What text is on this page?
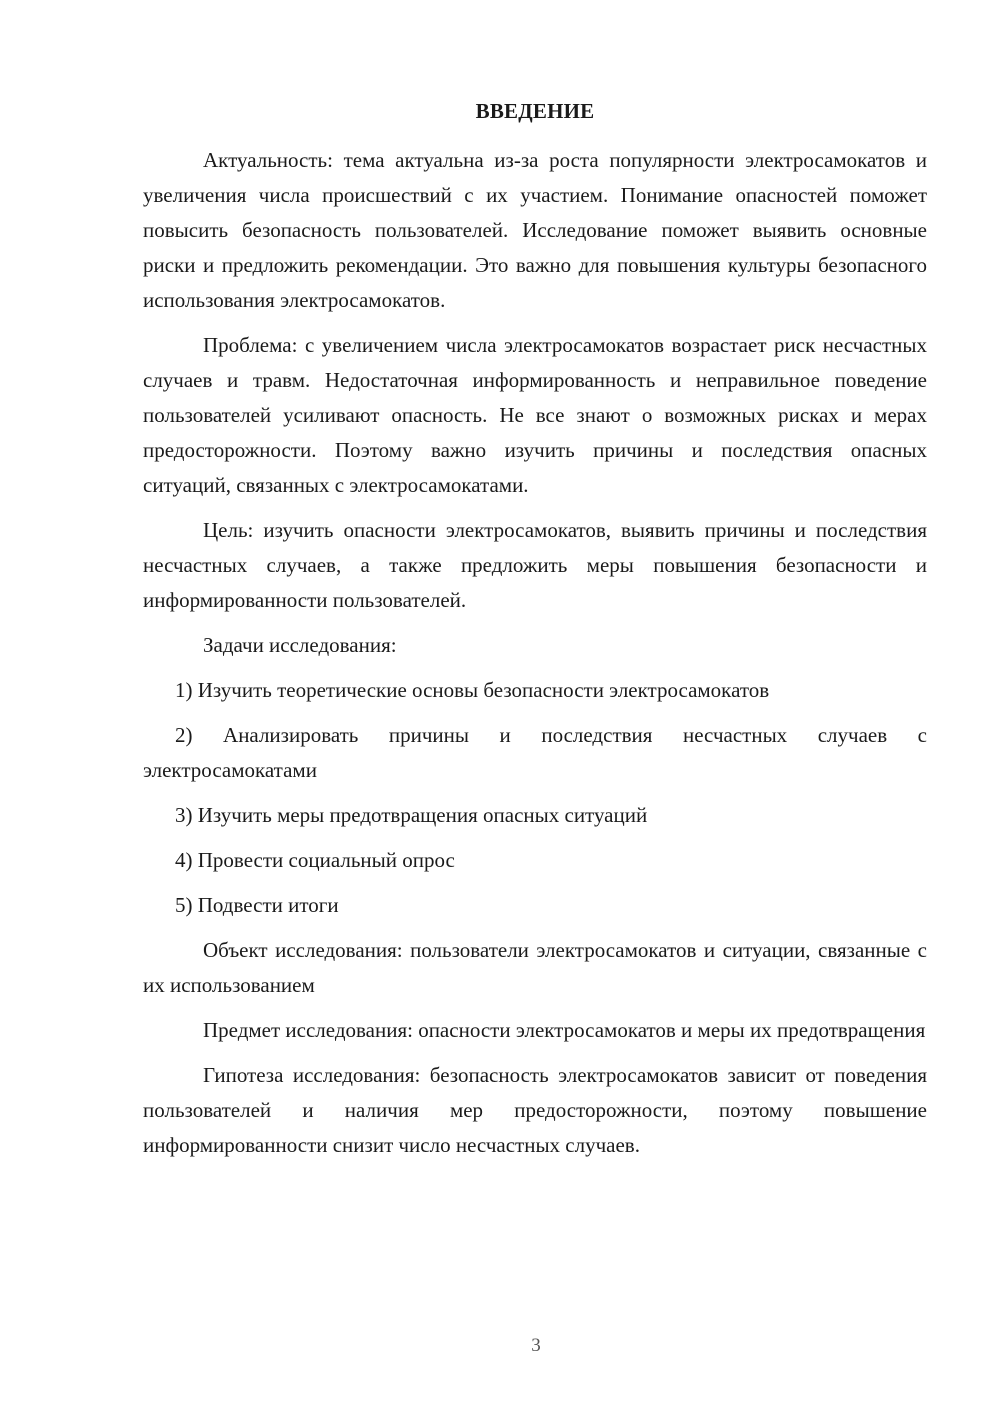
ВВЕДЕНИЕ

Актуальность: тема актуальна из-за роста популярности электросамокатов и увеличения числа происшествий с их участием. Понимание опасностей поможет повысить безопасность пользователей. Исследование поможет выявить основные риски и предложить рекомендации. Это важно для повышения культуры безопасного использования электросамокатов.

Проблема: с увеличением числа электросамокатов возрастает риск несчастных случаев и травм. Недостаточная информированность и неправильное поведение пользователей усиливают опасность. Не все знают о возможных рисках и мерах предосторожности. Поэтому важно изучить причины и последствия опасных ситуаций, связанных с электросамокатами.

Цель: изучить опасности электросамокатов, выявить причины и последствия несчастных случаев, а также предложить меры повышения безопасности и информированности пользователей.

Задачи исследования:

1) Изучить теоретические основы безопасности электросамокатов

2) Анализировать причины и последствия несчастных случаев с электросамокатами

3) Изучить меры предотвращения опасных ситуаций

4) Провести социальный опрос

5) Подвести итоги

Объект исследования: пользователи электросамокатов и ситуации, связанные с их использованием

Предмет исследования: опасности электросамокатов и меры их предотвращения

Гипотеза исследования: безопасность электросамокатов зависит от поведения пользователей и наличия мер предосторожности, поэтому повышение информированности снизит число несчастных случаев.

3
